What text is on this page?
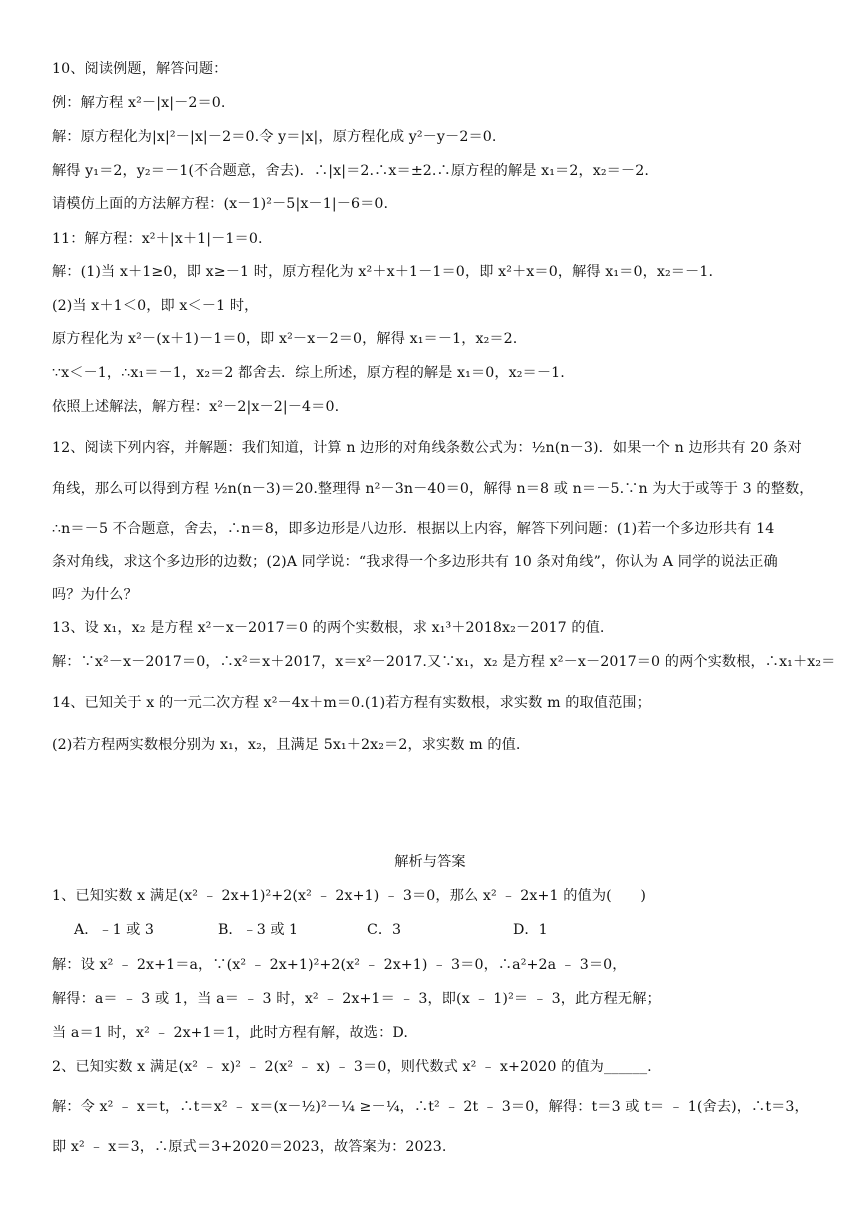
10、阅读例题，解答问题：
例：解方程 x²－|x|－2＝0.
解：原方程化为|x|²－|x|－2＝0.令 y＝|x|，原方程化成 y²－y－2＝0.
解得 y₁＝2，y₂＝－1(不合题意，舍去)．∴|x|＝2.∴x＝±2.∴原方程的解是 x₁＝2，x₂＝－2.
请模仿上面的方法解方程：(x－1)²－5|x－1|－6＝0.
11：解方程：x²＋|x＋1|－1＝0.
解：(1)当 x＋1≥0，即 x≥－1 时，原方程化为 x²＋x＋1－1＝0，即 x²＋x＝0，解得 x₁＝0，x₂＝－1.
(2)当 x＋1＜0，即 x＜－1 时，
原方程化为 x²－(x＋1)－1＝0，即 x²－x－2＝0，解得 x₁＝－1，x₂＝2.
∵x＜－1，∴x₁＝－1，x₂＝2 都舍去．综上所述，原方程的解是 x₁＝0，x₂＝－1.
依照上述解法，解方程：x²－2|x－2|－4＝0.
12、阅读下列内容，并解题：我们知道，计算 n 边形的对角线条数公式为：½n(n－3)．如果一个 n 边形共有 20 条对
角线，那么可以得到方程 ½n(n－3)＝20.整理得 n²－3n－40＝0，解得 n＝8 或 n＝－5.∵n 为大于或等于 3 的整数，
∴n＝－5 不合题意，舍去，∴n＝8，即多边形是八边形．根据以上内容，解答下列问题：(1)若一个多边形共有 14
条对角线，求这个多边形的边数；(2)A 同学说：“我求得一个多边形共有 10 条对角线”，你认为 A 同学的说法正确
吗？为什么？
13、设 x₁，x₂ 是方程 x²－x－2017＝0 的两个实数根，求 x₁³＋2018x₂－2017 的值.
解：∵x²－x－2017＝0，∴x²＝x＋2017，x＝x²－2017.又∵x₁，x₂ 是方程 x²－x－2017＝0 的两个实数根，∴x₁＋x₂＝
14、已知关于 x 的一元二次方程 x²－4x＋m＝0.(1)若方程有实数根，求实数 m 的取值范围；
(2)若方程两实数根分别为 x₁，x₂，且满足 5x₁＋2x₂＝2，求实数 m 的值.
解析与答案
1、已知实数 x 满足(x² ﹣ 2x+1)²+2(x² ﹣ 2x+1) ﹣ 3＝0，那么 x² ﹣ 2x+1 的值为(　　)
A．﹣1 或 3	B．﹣3 或 1	C．3	D．1
解：设 x² ﹣ 2x+1＝a，∵(x² ﹣ 2x+1)²+2(x² ﹣ 2x+1) ﹣ 3＝0，∴a²+2a ﹣ 3＝0，
解得：a＝ ﹣ 3 或 1，当 a＝ ﹣ 3 时，x² ﹣ 2x+1＝ ﹣ 3，即(x ﹣ 1)²＝ ﹣ 3，此方程无解；
当 a＝1 时，x² ﹣ 2x+1＝1，此时方程有解，故选：D.
2、已知实数 x 满足(x² ﹣ x)² ﹣ 2(x² ﹣ x) ﹣ 3＝0，则代数式 x² ﹣ x+2020 的值为______.
解：令 x² ﹣ x＝t，∴t＝x² ﹣ x＝(x－½)²－¼ ≥－¼，∴t² ﹣ 2t ﹣ 3＝0，解得：t＝3 或 t＝ ﹣ 1(舍去)，∴t＝3，
即 x² ﹣ x＝3，∴原式＝3+2020＝2023，故答案为：2023.
